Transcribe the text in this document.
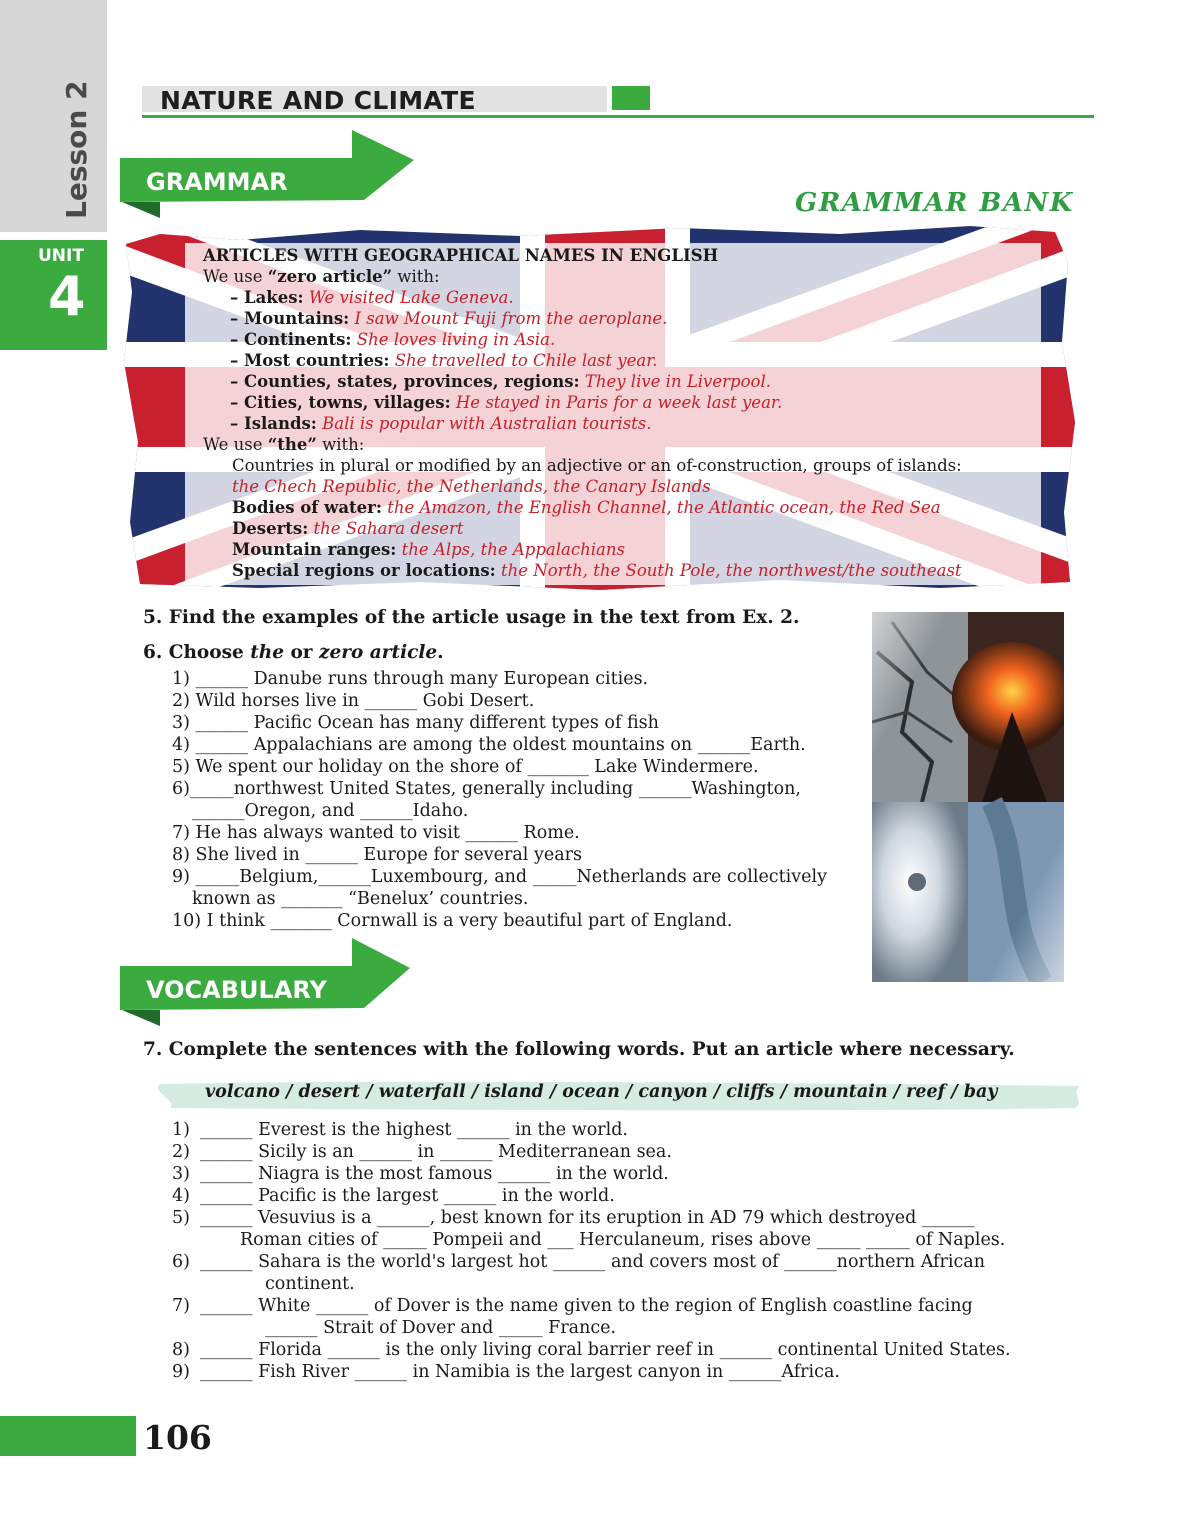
Lesson 2
UNIT
4
NATURE AND CLIMATE
GRAMMAR
GRAMMAR BANK
ARTICLES WITH GEOGRAPHICAL NAMES IN ENGLISH
We use “zero article” with:
– Lakes: We visited Lake Geneva.
– Mountains: I saw Mount Fuji from the aeroplane.
– Continents: She loves living in Asia.
– Most countries: She travelled to Chile last year.
– Counties, states, provinces, regions: They live in Liverpool.
– Cities, towns, villages: He stayed in Paris for a week last year.
– Islands: Bali is popular with Australian tourists.
We use “the” with:
Countries in plural or modified by an adjective or an of-construction, groups of islands:
the Chech Republic, the Netherlands, the Canary Islands
Bodies of water: the Amazon, the English Channel, the Atlantic ocean, the Red Sea
Deserts: the Sahara desert
Mountain ranges: the Alps, the Appalachians
Special regions or locations: the North, the South Pole, the northwest/the southeast
5. Find the examples of the article usage in the text from Ex. 2.
6. Choose the or zero article.
1) ______ Danube runs through many European cities.
2) Wild horses live in ______ Gobi Desert.
3) ______ Pacific Ocean has many different types of fish
4) ______ Appalachians are among the oldest mountains on ______Earth.
5) We spent our holiday on the shore of _______ Lake Windermere.
6)_____northwest United States, generally including ______Washington,
______Oregon, and ______Idaho.
7) He has always wanted to visit ______ Rome.
8) She lived in ______ Europe for several years
9) _____Belgium,______Luxembourg, and _____Netherlands are collectively
known as _______ “Benelux’ countries.
10) I think _______ Cornwall is a very beautiful part of England.
VOCABULARY
7. Complete the sentences with the following words. Put an article where necessary.
volcano / desert / waterfall / island / ocean / canyon / cliffs / mountain / reef / bay
1) ______ Everest is the highest ______ in the world.
2) ______ Sicily is an ______ in ______ Mediterranean sea.
3) ______ Niagra is the most famous ______ in the world.
4) ______ Pacific is the largest ______ in the world.
5) ______ Vesuvius is a ______, best known for its eruption in AD 79 which destroyed ______
Roman cities of _____ Pompeii and ___ Herculaneum, rises above _____ _____ of Naples.
6) ______ Sahara is the world's largest hot ______ and covers most of ______northern African
continent.
7) ______ White ______ of Dover is the name given to the region of English coastline facing
______ Strait of Dover and _____ France.
8) ______ Florida ______ is the only living coral barrier reef in ______ continental United States.
9) ______ Fish River ______ in Namibia is the largest canyon in ______Africa.
106
